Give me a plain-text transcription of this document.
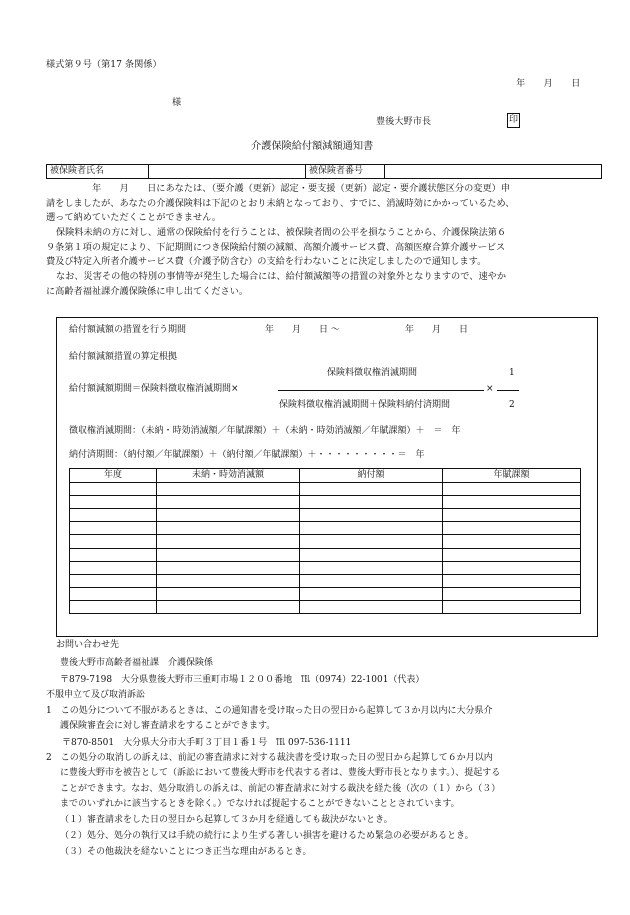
様式第９号（第17 条関係）
年　　月　　日
様
豊後大野市長	印
介護保険給付額減額通知書
被保険者氏名		被保険者番号	
年　　月　　日にあなたは、（要介護（更新）認定・要支援（更新）認定・要介護状態区分の変更）申
請をしましたが、あなたの介護保険料は下記のとおり未納となっており、すでに、消滅時効にかかっているため、
遡って納めていただくことができません。
保険料未納の方に対し、通常の保険給付を行うことは、被保険者間の公平を損なうことから、介護保険法第６
９条第１項の規定により、下記期間につき保険給付額の減額、高額介護サービス費、高額医療合算介護サービス
費及び特定入所者介護サービス費（介護予防含む）の支給を行わないことに決定しましたので通知します。
なお、災害その他の特別の事情等が発生した場合には、給付額減額等の措置の対象外となりますので、速やか
に高齢者福祉課介護保険係に申し出てください。
給付額減額の措置を行う期間	年　　月　　日 ～	年　　月　　日
給付額減額措置の算定根拠
保険料徴収権消滅期間	1
給付額減額期間＝保険料徴収権消滅期間×	×
保険料徴収権消滅期間＋保険料納付済期間	2
徴収権消滅期間：（未納・時効消滅額／年賦課額）＋（未納・時効消滅額／年賦課額）＋　＝　年
納付済期間：（納付額／年賦課額）＋（納付額／年賦課額）＋・・・・・・・・・＝　年
年度	未納・時効消滅額	納付額	年賦課額

お問い合わせ先
豊後大野市高齢者福祉課　介護保険係
〒879-7198　大分県豊後大野市三重町市場１２００番地　℡（0974）22-1001（代表）
不服申立て及び取消訴訟
1　この処分について不服があるときは、この通知書を受け取った日の翌日から起算して３か月以内に大分県介
護保険審査会に対し審査請求をすることができます。
〒870-8501　大分県大分市大手町３丁目１番１号　℡ 097-536-1111
2　この処分の取消しの訴えは、前記の審査請求に対する裁決書を受け取った日の翌日から起算して６か月以内
に豊後大野市を被告として（訴訟において豊後大野市を代表する者は、豊後大野市長となります。）、提起する
ことができます。なお、処分取消しの訴えは、前記の審査請求に対する裁決を経た後（次の（１）から（３）
までのいずれかに該当するときを除く。）でなければ提起することができないこととされています。
（１）審査請求をした日の翌日から起算して３か月を経過しても裁決がないとき。
（２）処分、処分の執行又は手続の続行により生ずる著しい損害を避けるため緊急の必要があるとき。
（３）その他裁決を経ないことにつき正当な理由があるとき。
